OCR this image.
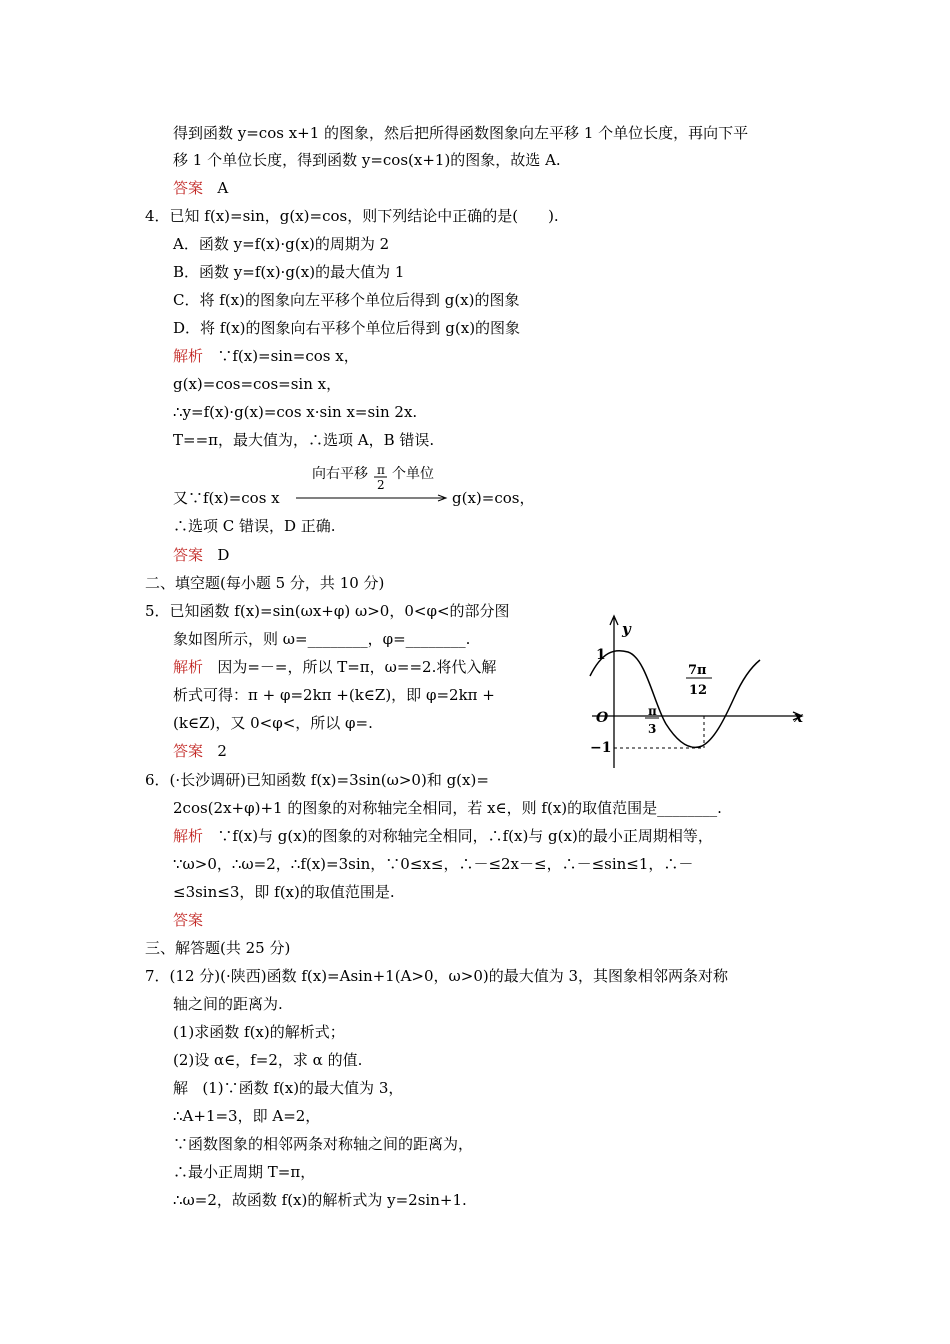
得到函数 y=cos x+1 的图象，然后把所得函数图象向左平移 1 个单位长度，再向下平
移 1 个单位长度，得到函数 y=cos(x+1)的图象，故选 A.
答案 A
4．已知 f(x)=sin，g(x)=cos，则下列结论中正确的是(　　).
A．函数 y=f(x)·g(x)的周期为 2
B．函数 y=f(x)·g(x)的最大值为 1
C．将 f(x)的图象向左平移个单位后得到 g(x)的图象
D．将 f(x)的图象向右平移个单位后得到 g(x)的图象
解析 ∵f(x)=sin=cos x，
g(x)=cos=cos=sin x，
∴y=f(x)·g(x)=cos x·sin x=sin 2x.
T==π，最大值为，∴选项 A，B 错误.
又∵f(x)=cos x
向右平移 π
2
个单位
g(x)=cos，
∴选项 C 错误，D 正确.
答案 D
二、填空题(每小题 5 分，共 10 分)
5．已知函数 f(x)=sin(ωx+φ) ω>0，0<φ<的部分图
象如图所示，则 ω=________，φ=________.
解析 因为=－=，所以 T=π，ω==2.将代入解
析式可得：π + φ=2kπ +(k∈Z)，即 φ=2kπ +
(k∈Z)，又 0<φ<，所以 φ=.
答案 2
y
x
O
1
−1
π
3
7π
12
6．(·长沙调研)已知函数 f(x)=3sin(ω>0)和 g(x)=
2cos(2x+φ)+1 的图象的对称轴完全相同，若 x∈，则 f(x)的取值范围是________.
解析 ∵f(x)与 g(x)的图象的对称轴完全相同，∴f(x)与 g(x)的最小正周期相等，
∵ω>0，∴ω=2，∴f(x)=3sin，∵0≤x≤，∴－≤2x－≤，∴－≤sin≤1，∴－
≤3sin≤3，即 f(x)的取值范围是.
答案
三、解答题(共 25 分)
7．(12 分)(·陕西)函数 f(x)=Asin+1(A>0，ω>0)的最大值为 3，其图象相邻两条对称
轴之间的距离为.
(1)求函数 f(x)的解析式；
(2)设 α∈，f=2，求 α 的值.
解 (1)∵函数 f(x)的最大值为 3，
∴A+1=3，即 A=2，
∵函数图象的相邻两条对称轴之间的距离为，
∴最小正周期 T=π，
∴ω=2，故函数 f(x)的解析式为 y=2sin+1.
